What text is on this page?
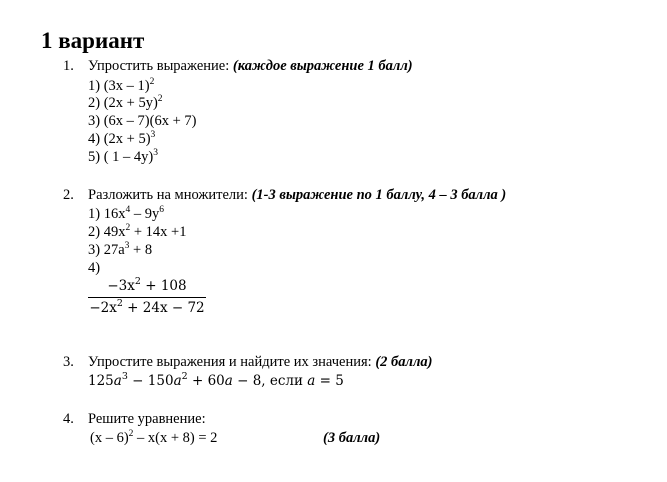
1 вариант
1. Упростить выражение: (каждое выражение 1 балл)
1) (3x – 1)$^2$
2) $(2x + 5y)^2$
3) (6x – 7)(6x + 7)
4) $(2x + 5)^3$
5) ( 1 – 4y)$^3$
2. Разложить на множители: (1-3 выражение по 1 баллу, 4 – 3 балла )
1) $16x^4 - 9y^6$
2) $49x^2 + 14x +1$
3) $27a^3 + 8$
4)
$-3x^2 + 108$
$-2x^2 + 24x - 72$
3. Упростите выражения и найдите их значения: (2 балла)
$125a^3 - 150a^2 + 60a - 8$, если a = 5
4. Решите уравнение:
(x – 6)$^2$ – x(x + 8) = 2	(3 балла)
